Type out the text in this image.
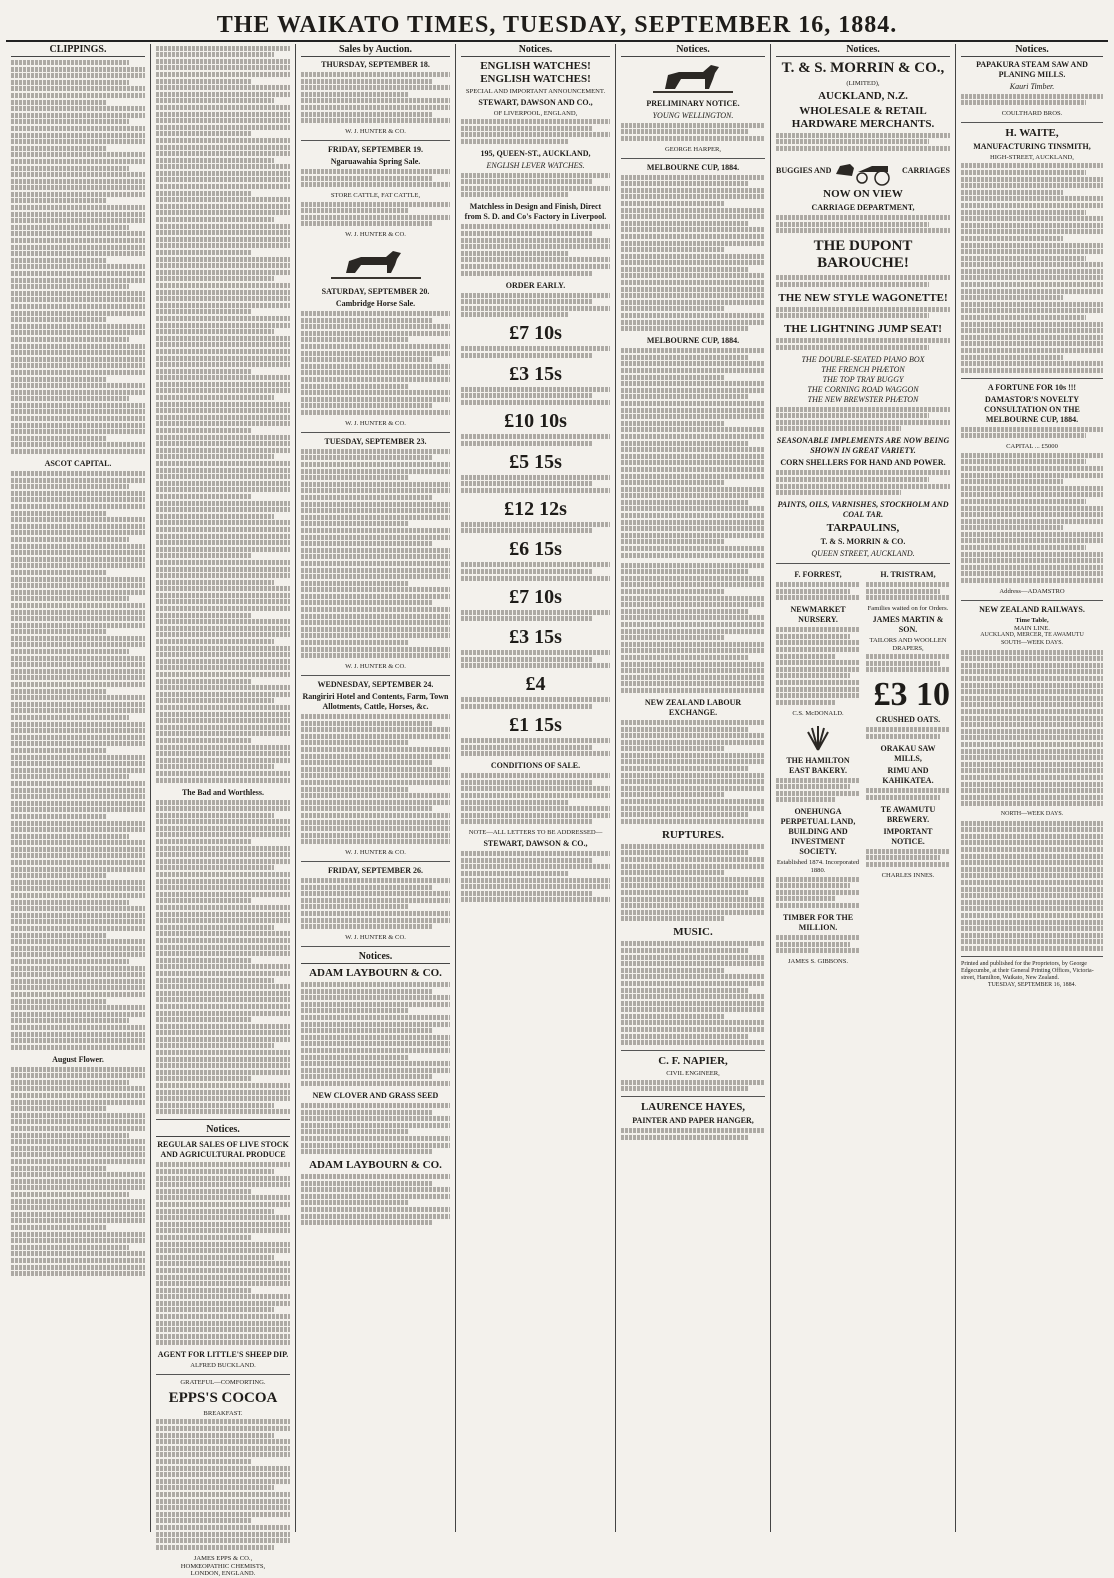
THE WAIKATO TIMES, TUESDAY, SEPTEMBER 16, 1884.
CLIPPINGS.
ASCOT CAPITAL.
August Flower.
The Bad and Worthless.
Notices.
REGULAR SALES OF LIVE STOCK AND AGRICULTURAL PRODUCE
AGENT FOR LITTLE'S SHEEP DIP.
ALFRED BUCKLAND.
GRATEFUL—COMFORTING.
EPPS'S COCOA
BREAKFAST.
JAMES EPPS & CO.,
HOMŒOPATHIC CHEMISTS,
LONDON, ENGLAND.
Sales by Auction.
THURSDAY, SEPTEMBER 18.
W. J. HUNTER & CO.
FRIDAY, SEPTEMBER 19.
Ngaruawahia Spring Sale.
STORE CATTLE, FAT CATTLE,
W. J. HUNTER & CO.
SATURDAY, SEPTEMBER 20.
Cambridge Horse Sale.
W. J. HUNTER & CO.
TUESDAY, SEPTEMBER 23.
W. J. HUNTER & CO.
WEDNESDAY, SEPTEMBER 24.
Rangiriri Hotel and Contents, Farm, Town Allotments, Cattle, Horses, &c.
W. J. HUNTER & CO.
FRIDAY, SEPTEMBER 26.
W. J. HUNTER & CO.
Notices.
ADAM LAYBOURN & CO.
NEW CLOVER AND GRASS SEED
ADAM LAYBOURN & CO.
Notices.
ENGLISH WATCHES! ENGLISH WATCHES!
SPECIAL AND IMPORTANT ANNOUNCEMENT.
STEWART, DAWSON AND CO.,
OF LIVERPOOL, ENGLAND,
195, QUEEN-ST., AUCKLAND,
ENGLISH LEVER WATCHES.
Matchless in Design and Finish, Direct from S. D. and Co's Factory in Liverpool.
ORDER EARLY.
£7 10s
£3 15s
£10 10s
£5 15s
£12 12s
£6 15s
£7 10s
£3 15s
£4
£1 15s
CONDITIONS OF SALE.
NOTE—ALL LETTERS TO BE ADDRESSED—
STEWART, DAWSON & CO.,
Notices.
PRELIMINARY NOTICE.
YOUNG WELLINGTON.
GEORGE HARPER,
MELBOURNE CUP, 1884.
MELBOURNE CUP, 1884.
NEW ZEALAND LABOUR EXCHANGE.
RUPTURES.
MUSIC.
C. F. NAPIER,
CIVIL ENGINEER,
LAURENCE HAYES,
PAINTER AND PAPER HANGER,
Notices.
T. & S. MORRIN & CO.,
(LIMITED),
AUCKLAND, N.Z.
WHOLESALE & RETAIL HARDWARE MERCHANTS.
BUGGIES AND	CARRIAGES
NOW ON VIEW
CARRIAGE DEPARTMENT,
THE DUPONT BAROUCHE!
THE NEW STYLE WAGONETTE!
THE LIGHTNING JUMP SEAT!
THE DOUBLE-SEATED PIANO BOX
THE FRENCH PHÆTON
THE TOP TRAY BUGGY
THE CORNING ROAD WAGGON
THE NEW BREWSTER PHÆTON
SEASONABLE IMPLEMENTS ARE NOW BEING SHOWN IN GREAT VARIETY.
CORN SHELLERS FOR HAND AND POWER.
PAINTS, OILS, VARNISHES, STOCKHOLM AND COAL TAR.
TARPAULINS,
T. & S. MORRIN & CO.
QUEEN STREET, AUCKLAND.
F. FORREST,
NEWMARKET NURSERY.
C.S. McDONALD.
THE HAMILTON EAST BAKERY.
ONEHUNGA PERPETUAL LAND, BUILDING AND INVESTMENT SOCIETY.
Established 1874. Incorporated 1880.
TIMBER FOR THE MILLION.
JAMES S. GIBBONS.
H. TRISTRAM,
Families waited on for Orders.
JAMES MARTIN & SON.
TAILORS AND WOOLLEN DRAPERS,
£3 10
CRUSHED OATS.
ORAKAU SAW MILLS,
RIMU AND KAHIKATEA.
TE AWAMUTU BREWERY.
IMPORTANT NOTICE.
CHARLES INNES.
Notices.
PAPAKURA STEAM SAW AND PLANING MILLS.
Kauri Timber.
COULTHARD BROS.
H. WAITE,
MANUFACTURING TINSMITH,
HIGH-STREET, AUCKLAND,
A FORTUNE FOR 10s !!!
DAMASTOR'S NOVELTY CONSULTATION ON THE MELBOURNE CUP, 1884.
CAPITAL ... £5000
Address—ADAMSTRO
NEW ZEALAND RAILWAYS.
Time Table,
MAIN LINE.
AUCKLAND, MERCER, TE AWAMUTU
SOUTH—WEEK DAYS.
NORTH—WEEK DAYS.
Printed and published for the Proprietors, by George Edgecumbe, at their General Printing Offices, Victoria-street, Hamilton, Waikato, New Zealand.
TUESDAY, SEPTEMBER 16, 1884.
